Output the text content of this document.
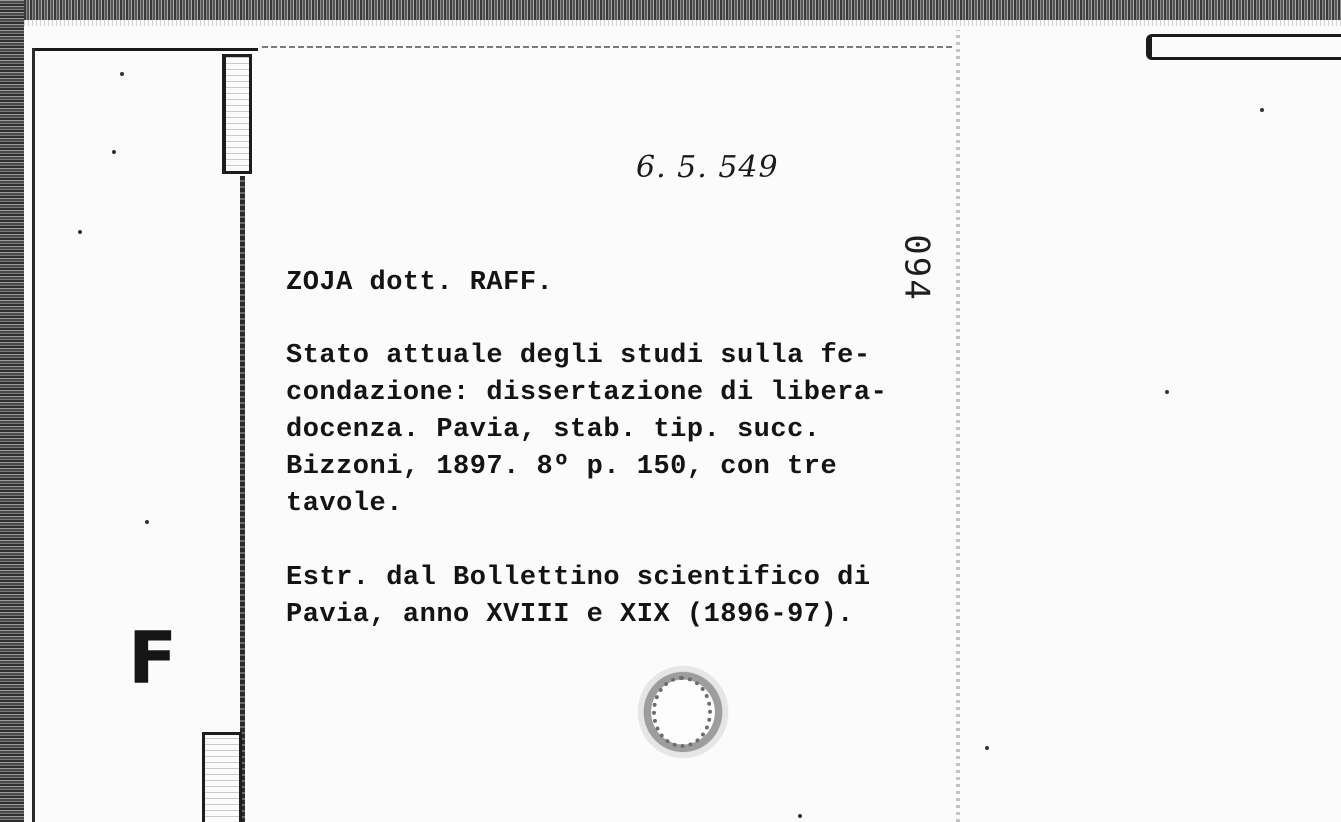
F
6. 5. 549
094
ZOJA dott. RAFF.
Stato attuale degli studi sulla fe-
condazione: dissertazione di libera-
docenza. Pavia, stab. tip. succ.
Bizzoni, 1897. 8º p. 150, con tre
tavole.
Estr. dal Bollettino scientifico di
Pavia, anno XVIII e XIX (1896-97).
